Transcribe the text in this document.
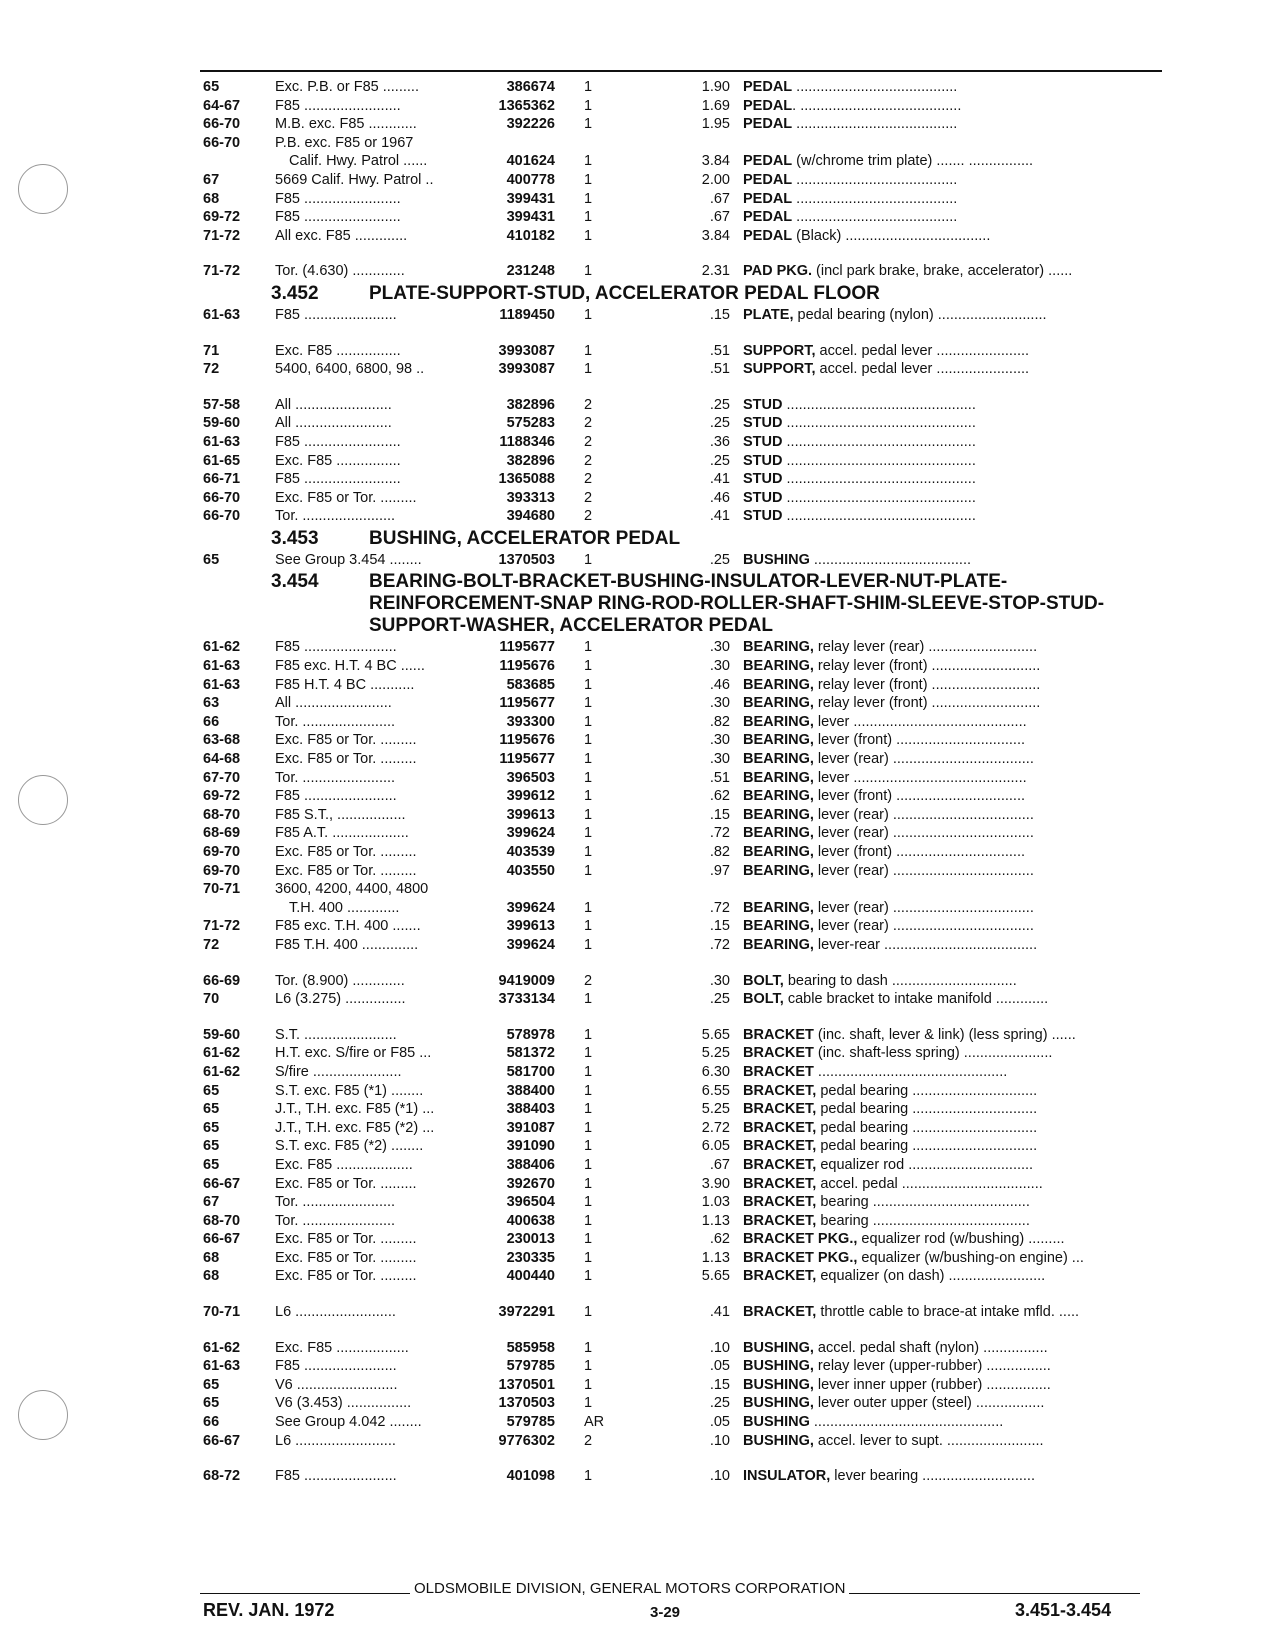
65	Exc. P.B. or F85 .........	386674 1	1.90 PEDAL ........................................
64-67 F85 ........................	1365362 1	1.69 PEDAL. ........................................
66-70 M.B. exc. F85 ............	392226 1	1.95 PEDAL ........................................
66-70 P.B. exc. F85 or 1967
Calif. Hwy. Patrol ......	401624 1	3.84 PEDAL (w/chrome trim plate) ....... ................
67	5669 Calif. Hwy. Patrol ..	400778 1	2.00 PEDAL ........................................
68	F85 ........................	399431 1	.67 PEDAL ........................................
69-72 F85 ........................	399431 1	.67 PEDAL ........................................
71-72 All exc. F85 .............	410182 1	3.84 PEDAL (Black) ....................................
71-72 Tor. (4.630) .............	231248 1	2.31 PAD PKG. (incl park brake, brake, accelerator) ......
3.452	PLATE-SUPPORT-STUD, ACCELERATOR PEDAL FLOOR
61-63 F85 .......................	1189450 1	.15 PLATE, pedal bearing (nylon) ...........................
71	Exc. F85 ................	3993087 1	.51 SUPPORT, accel. pedal lever .......................
72	5400, 6400, 6800, 98 ..	3993087 1	.51 SUPPORT, accel. pedal lever .......................
57-58 All ........................	382896 2	.25 STUD ...............................................
59-60 All ........................	575283 2	.25 STUD ...............................................
61-63 F85 ........................	1188346 2	.36 STUD ...............................................
61-65 Exc. F85 ................	382896 2	.25 STUD ...............................................
66-71 F85 ........................	1365088 2	.41 STUD ...............................................
66-70 Exc. F85 or Tor. .........	393313 2	.46 STUD ...............................................
66-70 Tor. .......................	394680 2	.41 STUD ...............................................
3.453	BUSHING, ACCELERATOR PEDAL
65	See Group 3.454 ........	1370503 1	.25 BUSHING .......................................
3.454	BEARING-BOLT-BRACKET-BUSHING-INSULATOR-LEVER-NUT-PLATE-REINFORCEMENT-SNAP RING-ROD-ROLLER-SHAFT-SHIM-SLEEVE-STOP-STUD-SUPPORT-WASHER, ACCELERATOR PEDAL
61-62 F85 .......................	1195677 1	.30 BEARING, relay lever (rear) ...........................
61-63 F85 exc. H.T. 4 BC ......	1195676 1	.30 BEARING, relay lever (front) ...........................
61-63 F85 H.T. 4 BC ...........	583685 1	.46 BEARING, relay lever (front) ...........................
63	All ........................	1195677 1	.30 BEARING, relay lever (front) ...........................
66	Tor. .......................	393300 1	.82 BEARING, lever ...........................................
63-68 Exc. F85 or Tor. .........	1195676 1	.30 BEARING, lever (front) ................................
64-68 Exc. F85 or Tor. .........	1195677 1	.30 BEARING, lever (rear) ...................................
67-70 Tor. .......................	396503 1	.51 BEARING, lever ...........................................
69-72 F85 .......................	399612 1	.62 BEARING, lever (front) ................................
68-70 F85 S.T., .................	399613 1	.15 BEARING, lever (rear) ...................................
68-69 F85 A.T. ...................	399624 1	.72 BEARING, lever (rear) ...................................
69-70 Exc. F85 or Tor. .........	403539 1	.82 BEARING, lever (front) ................................
69-70 Exc. F85 or Tor. .........	403550 1	.97 BEARING, lever (rear) ...................................
70-71 3600, 4200, 4400, 4800
T.H. 400 .............	399624 1	.72 BEARING, lever (rear) ...................................
71-72 F85 exc. T.H. 400 .......	399613 1	.15 BEARING, lever (rear) ...................................
72	F85 T.H. 400 ..............	399624 1	.72 BEARING, lever-rear ......................................
66-69 Tor. (8.900) .............	9419009 2	.30 BOLT, bearing to dash ...............................
70	L6 (3.275) ...............	3733134 1	.25 BOLT, cable bracket to intake manifold .............
59-60 S.T. .......................	578978 1	5.65 BRACKET (inc. shaft, lever & link) (less spring) ......
61-62 H.T. exc. S/fire or F85 ...	581372 1	5.25 BRACKET (inc. shaft-less spring) ......................
61-62 S/fire ......................	581700 1	6.30 BRACKET ...............................................
65	S.T. exc. F85 (*1) ........	388400 1	6.55 BRACKET, pedal bearing ...............................
65	J.T., T.H. exc. F85 (*1) ...	388403 1	5.25 BRACKET, pedal bearing ...............................
65	J.T., T.H. exc. F85 (*2) ...	391087 1	2.72 BRACKET, pedal bearing ...............................
65	S.T. exc. F85 (*2) ........	391090 1	6.05 BRACKET, pedal bearing ...............................
65	Exc. F85 ...................	388406 1	.67 BRACKET, equalizer rod ...............................
66-67 Exc. F85 or Tor. .........	392670 1	3.90 BRACKET, accel. pedal ...................................
67	Tor. .......................	396504 1	1.03 BRACKET, bearing .......................................
68-70 Tor. .......................	400638 1	1.13 BRACKET, bearing .......................................
66-67 Exc. F85 or Tor. .........	230013 1	.62 BRACKET PKG., equalizer rod (w/bushing) .........
68	Exc. F85 or Tor. .........	230335 1	1.13 BRACKET PKG., equalizer (w/bushing-on engine) ...
68	Exc. F85 or Tor. .........	400440 1	5.65 BRACKET, equalizer (on dash) ........................
70-71 L6 .........................	3972291 1	.41 BRACKET, throttle cable to brace-at intake mfld. .....
61-62 Exc. F85 ..................	585958 1	.10 BUSHING, accel. pedal shaft (nylon) ................
61-63 F85 .......................	579785 1	.05 BUSHING, relay lever (upper-rubber) ................
65	V6 .........................	1370501 1	.15 BUSHING, lever inner upper (rubber) ................
65	V6 (3.453) ................	1370503 1	.25 BUSHING, lever outer upper (steel) .................
66	See Group 4.042 ........	579785 AR	.05 BUSHING ...............................................
66-67 L6 .........................	9776302 2	.10 BUSHING, accel. lever to supt. ........................
68-72 F85 .......................	401098 1	.10 INSULATOR, lever bearing ............................
OLDSMOBILE DIVISION, GENERAL MOTORS CORPORATION
REV. JAN. 1972	3-29	3.451-3.454
